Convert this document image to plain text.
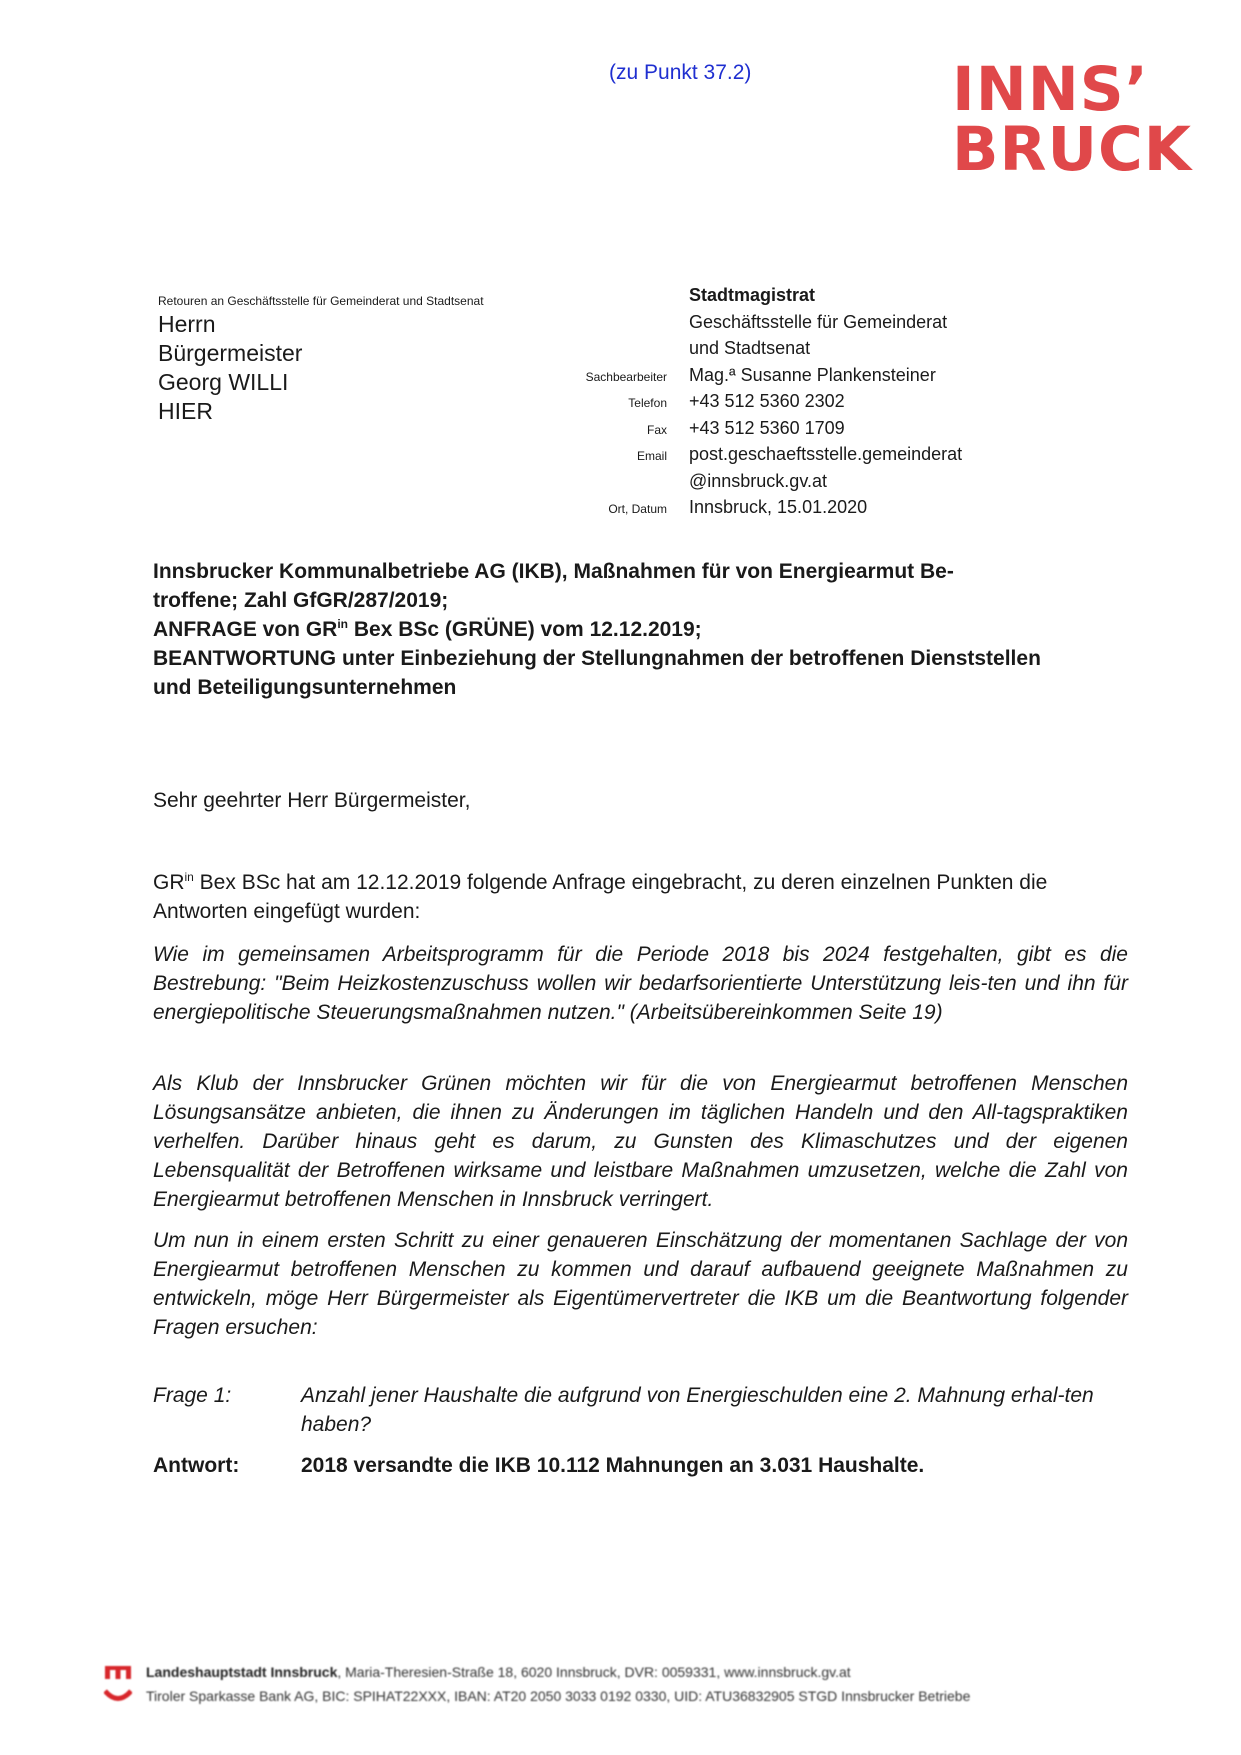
(zu Punkt 37.2)	INNS’
BRUCK
Retouren an Geschäftsstelle für Gemeinderat und Stadtsenat
Herrn
Bürgermeister
Georg WILLI
HIER
Stadtmagistrat
Geschäftsstelle für Gemeinderat
und Stadtsenat
Sachbearbeiter	Mag.ª Susanne Plankensteiner
Telefon	+43 512 5360 2302
Fax	+43 512 5360 1709
Email	post.geschaeftsstelle.gemeinderat
@innsbruck.gv.at
Ort, Datum	Innsbruck, 15.01.2020
Innsbrucker Kommunalbetriebe AG (IKB), Maßnahmen für von Energiearmut Be-
troffene; Zahl GfGR/287/2019;
ANFRAGE von $GR^{in}$ Bex BSc (GRÜNE) vom 12.12.2019;
BEANTWORTUNG unter Einbeziehung der Stellungnahmen der betroffenen Dienststellen
und Beteiligungsunternehmen
Sehr geehrter Herr Bürgermeister,
$GR^{in}$ Bex BSc hat am 12.12.2019 folgende Anfrage eingebracht, zu deren einzelnen Punkten die Antworten eingefügt wurden:
Wie im gemeinsamen Arbeitsprogramm für die Periode 2018 bis 2024 festgehalten, gibt es die Bestrebung: "Beim Heizkostenzuschuss wollen wir bedarfsorientierte Unterstützung leis-ten und ihn für energiepolitische Steuerungsmaßnahmen nutzen." (Arbeitsübereinkommen Seite 19)
Als Klub der Innsbrucker Grünen möchten wir für die von Energiearmut betroffenen Menschen Lösungsansätze anbieten, die ihnen zu Änderungen im täglichen Handeln und den All-tagspraktiken verhelfen. Darüber hinaus geht es darum, zu Gunsten des Klimaschutzes und der eigenen Lebensqualität der Betroffenen wirksame und leistbare Maßnahmen umzusetzen, welche die Zahl von Energiearmut betroffenen Menschen in Innsbruck verringert.
Um nun in einem ersten Schritt zu einer genaueren Einschätzung der momentanen Sachlage der von Energiearmut betroffenen Menschen zu kommen und darauf aufbauend geeignete Maßnahmen zu entwickeln, möge Herr Bürgermeister als Eigentümervertreter die IKB um die Beantwortung folgender Fragen ersuchen:
Frage 1:	Anzahl jener Haushalte die aufgrund von Energieschulden eine 2. Mahnung erhal-ten haben?
Antwort:	2018 versandte die IKB 10.112 Mahnungen an 3.031 Haushalte.
Landeshauptstadt Innsbruck, Maria-Theresien-Straße 18, 6020 Innsbruck, DVR: 0059331, www.innsbruck.gv.at
Tiroler Sparkasse Bank AG, BIC: SPIHAT22XXX, IBAN: AT20 2050 3033 0192 0330, UID: ATU36832905 STGD Innsbrucker Betriebe
